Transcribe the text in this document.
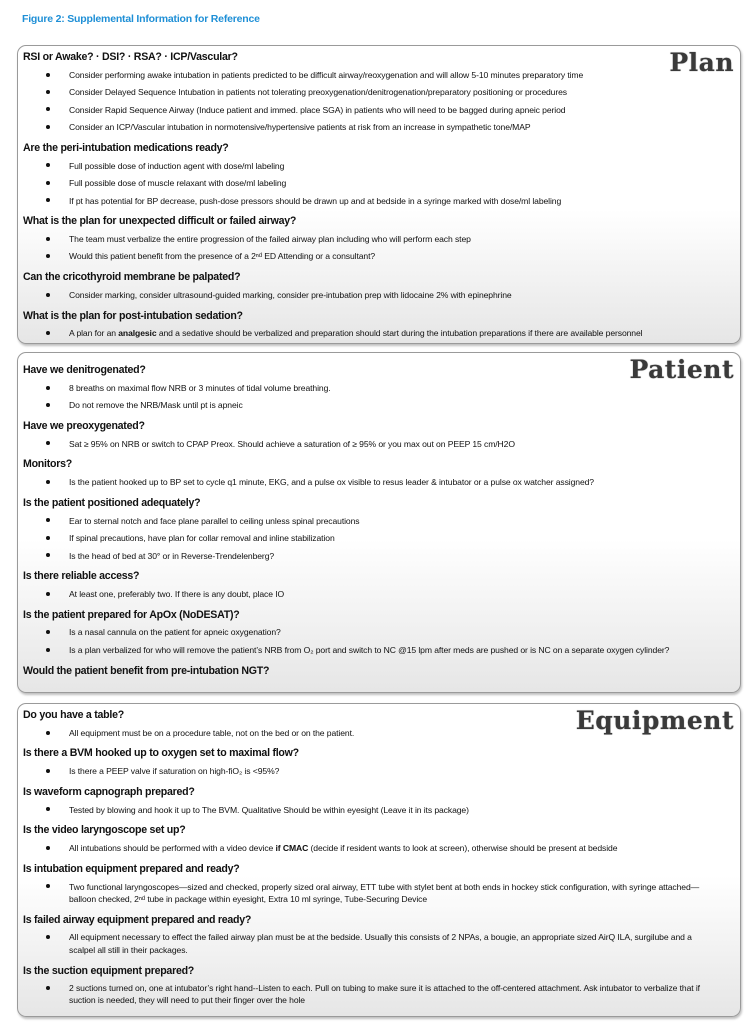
Figure 2: Supplemental Information for Reference
Plan
RSI or Awake? · DSI? · RSA? · ICP/Vascular?
Consider performing awake intubation in patients predicted to be difficult airway/reoxygenation and will allow 5-10 minutes preparatory time
Consider Delayed Sequence Intubation in patients not tolerating preoxygenation/denitrogenation/preparatory positioning or procedures
Consider Rapid Sequence Airway (Induce patient and immed. place SGA) in patients who will need to be bagged during apneic period
Consider an ICP/Vascular intubation in normotensive/hypertensive patients at risk from an increase in sympathetic tone/MAP
Are the peri-intubation medications ready?
Full possible dose of induction agent with dose/ml labeling
Full possible dose of muscle relaxant with dose/ml labeling
If pt has potential for BP decrease, push-dose pressors should be drawn up and at bedside in a syringe marked with dose/ml labeling
What is the plan for unexpected difficult or failed airway?
The team must verbalize the entire progression of the failed airway plan including who will perform each step
Would this patient benefit from the presence of a 2ⁿᵈ ED Attending or a consultant?
Can the cricothyroid membrane be palpated?
Consider marking, consider ultrasound-guided marking, consider pre-intubation prep with lidocaine 2% with epinephrine
What is the plan for post-intubation sedation?
A plan for an analgesic and a sedative should be verbalized and preparation should start during the intubation preparations if there are available personnel
Patient
Have we denitrogenated?
8 breaths on maximal flow NRB or 3 minutes of tidal volume breathing.
Do not remove the NRB/Mask until pt is apneic
Have we preoxygenated?
Sat ≥ 95% on NRB or switch to CPAP Preox. Should achieve a saturation of ≥ 95% or you max out on PEEP 15 cm/H2O
Monitors?
Is the patient hooked up to BP set to cycle q1 minute, EKG, and a pulse ox visible to resus leader & intubator or a pulse ox watcher assigned?
Is the patient positioned adequately?
Ear to sternal notch and face plane parallel to ceiling unless spinal precautions
If spinal precautions, have plan for collar removal and inline stabilization
Is the head of bed at 30° or in Reverse-Trendelenberg?
Is there reliable access?
At least one, preferably two. If there is any doubt, place IO
Is the patient prepared for ApOx (NoDESAT)?
Is a nasal cannula on the patient for apneic oxygenation?
Is a plan verbalized for who will remove the patient’s NRB from O₂ port and switch to NC @15 lpm after meds are pushed or is NC on a separate oxygen cylinder?
Would the patient benefit from pre-intubation NGT?
Equipment
Do you have a table?
All equipment must be on a procedure table, not on the bed or on the patient.
Is there a BVM hooked up to oxygen set to maximal flow?
Is there a PEEP valve if saturation on high-fiO₂ is <95%?
Is waveform capnograph prepared?
Tested by blowing and hook it up to The BVM. Qualitative Should be within eyesight (Leave it in its package)
Is the video laryngoscope set up?
All intubations should be performed with a video device if CMAC (decide if resident wants to look at screen), otherwise should be present at bedside
Is intubation equipment prepared and ready?
Two functional laryngoscopes—sized and checked, properly sized oral airway, ETT tube with stylet bent at both ends in hockey stick configuration, with syringe attached—balloon checked, 2ⁿᵈ tube in package within eyesight, Extra 10 ml syringe, Tube-Securing Device
Is failed airway equipment prepared and ready?
All equipment necessary to effect the failed airway plan must be at the bedside. Usually this consists of 2 NPAs, a bougie, an appropriate sized AirQ ILA, surgilube and a scalpel all still in their packages.
Is the suction equipment prepared?
2 suctions turned on, one at intubator’s right hand--Listen to each. Pull on tubing to make sure it is attached to the off-centered attachment. Ask intubator to verbalize that if suction is needed, they will need to put their finger over the hole
